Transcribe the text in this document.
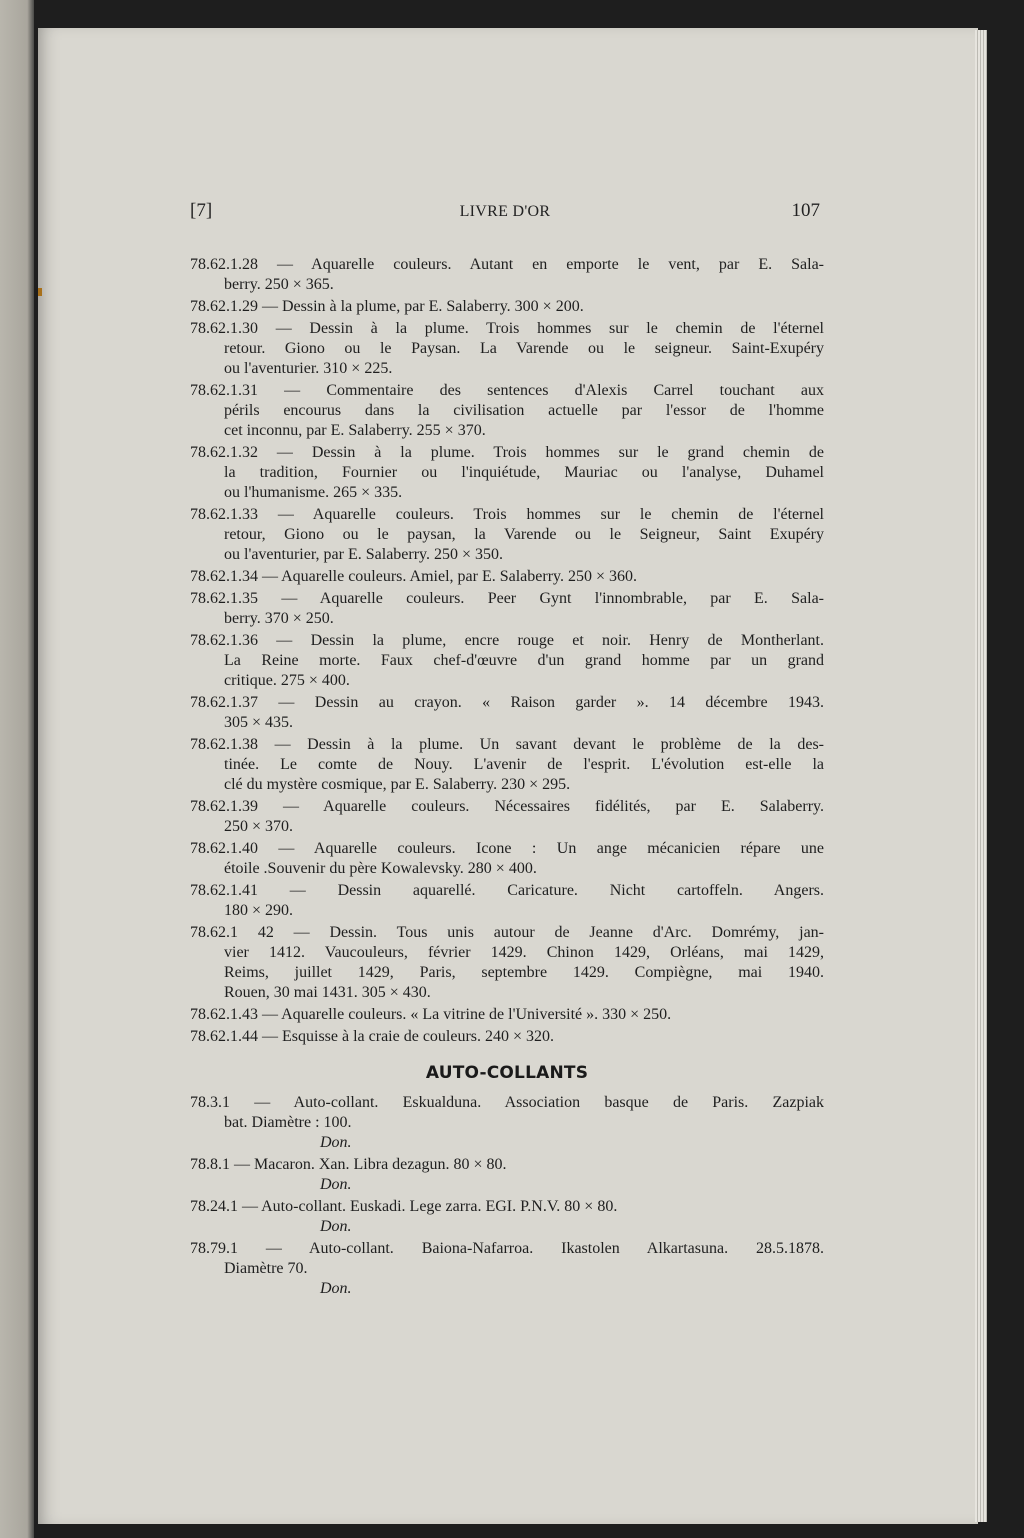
[7]	LIVRE D'OR	107
78.62.1.28 — Aquarelle couleurs. Autant en emporte le vent, par E. Sala-
berry. 250 × 365.
78.62.1.29 — Dessin à la plume, par E. Salaberry. 300 × 200.
78.62.1.30 — Dessin à la plume. Trois hommes sur le chemin de l'éternel
retour. Giono ou le Paysan. La Varende ou le seigneur. Saint-Exupéry
ou l'aventurier. 310 × 225.
78.62.1.31 — Commentaire des sentences d'Alexis Carrel touchant aux
périls encourus dans la civilisation actuelle par l'essor de l'homme
cet inconnu, par E. Salaberry. 255 × 370.
78.62.1.32 — Dessin à la plume. Trois hommes sur le grand chemin de
la tradition, Fournier ou l'inquiétude, Mauriac ou l'analyse, Duhamel
ou l'humanisme. 265 × 335.
78.62.1.33 — Aquarelle couleurs. Trois hommes sur le chemin de l'éternel
retour, Giono ou le paysan, la Varende ou le Seigneur, Saint Exupéry
ou l'aventurier, par E. Salaberry. 250 × 350.
78.62.1.34 — Aquarelle couleurs. Amiel, par E. Salaberry. 250 × 360.
78.62.1.35 — Aquarelle couleurs. Peer Gynt l'innombrable, par E. Sala-
berry. 370 × 250.
78.62.1.36 — Dessin la plume, encre rouge et noir. Henry de Montherlant.
La Reine morte. Faux chef-d'œuvre d'un grand homme par un grand
critique. 275 × 400.
78.62.1.37 — Dessin au crayon. « Raison garder ». 14 décembre 1943.
305 × 435.
78.62.1.38 — Dessin à la plume. Un savant devant le problème de la des-
tinée. Le comte de Nouy. L'avenir de l'esprit. L'évolution est-elle la
clé du mystère cosmique, par E. Salaberry. 230 × 295.
78.62.1.39 — Aquarelle couleurs. Nécessaires fidélités, par E. Salaberry.
250 × 370.
78.62.1.40 — Aquarelle couleurs. Icone : Un ange mécanicien répare une
étoile .Souvenir du père Kowalevsky. 280 × 400.
78.62.1.41 — Dessin aquarellé. Caricature. Nicht cartoffeln. Angers.
180 × 290.
78.62.1 42 — Dessin. Tous unis autour de Jeanne d'Arc. Domrémy, jan-
vier 1412. Vaucouleurs, février 1429. Chinon 1429, Orléans, mai 1429,
Reims, juillet 1429, Paris, septembre 1429. Compiègne, mai 1940.
Rouen, 30 mai 1431. 305 × 430.
78.62.1.43 — Aquarelle couleurs. « La vitrine de l'Université ». 330 × 250.
78.62.1.44 — Esquisse à la craie de couleurs. 240 × 320.
AUTO-COLLANTS
78.3.1 — Auto-collant. Eskualduna. Association basque de Paris. Zazpiak
bat. Diamètre : 100.
Don.
78.8.1 — Macaron. Xan. Libra dezagun. 80 × 80.
Don.
78.24.1 — Auto-collant. Euskadi. Lege zarra. EGI. P.N.V. 80 × 80.
Don.
78.79.1 — Auto-collant. Baiona-Nafarroa. Ikastolen Alkartasuna. 28.5.1878.
Diamètre 70.
Don.
